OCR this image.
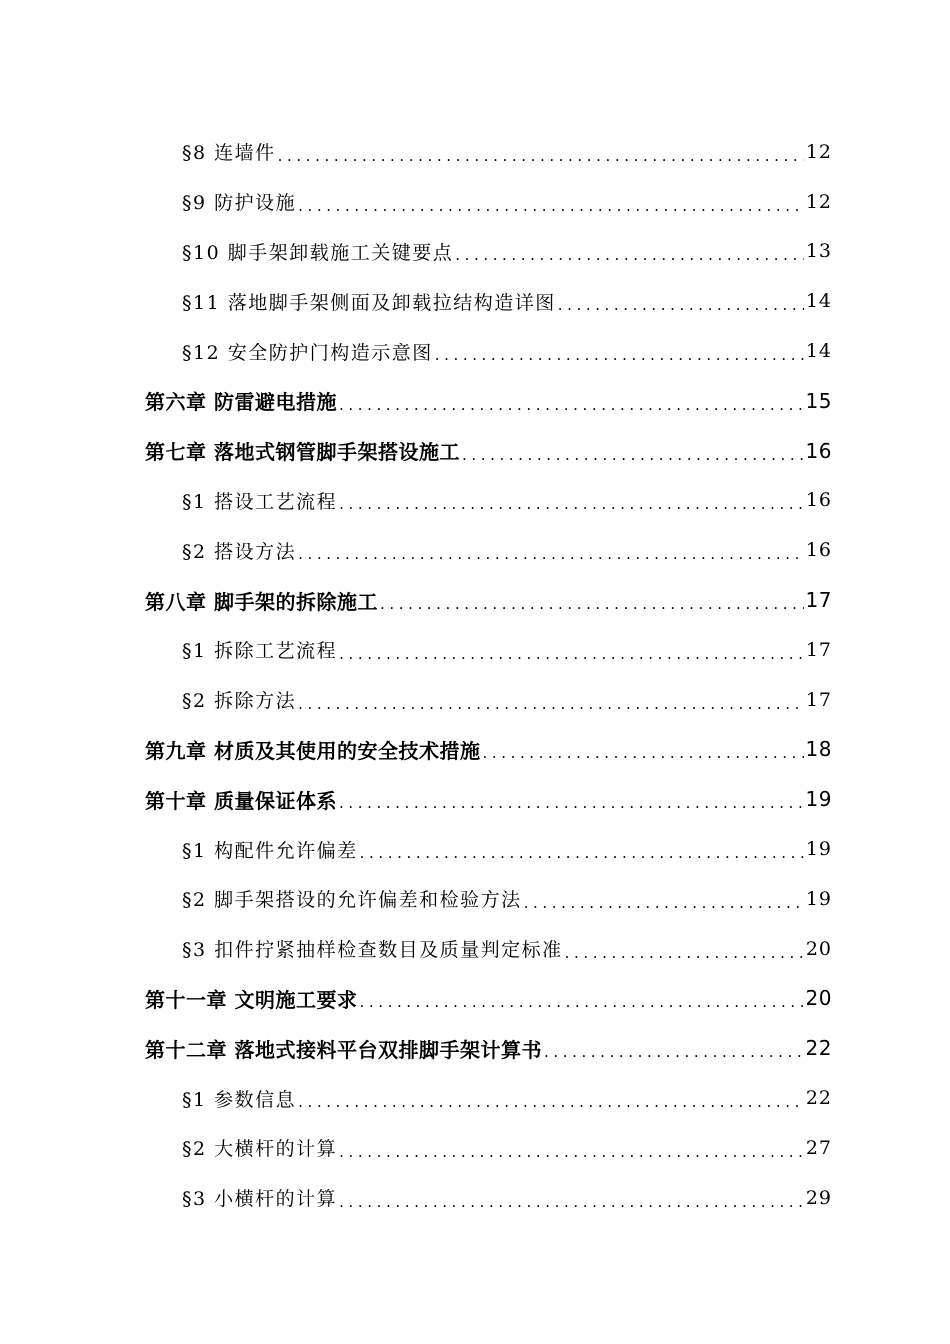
§8 连墙件 .....	12
§9 防护设施 .....	12
§10 脚手架卸载施工关键要点 .....	13
§11 落地脚手架侧面及卸载拉结构造详图 .....	14
§12 安全防护门构造示意图 .....	14
第六章 防雷避电措施 .....	15
第七章 落地式钢管脚手架搭设施工 .....	16
§1 搭设工艺流程 .....	16
§2 搭设方法 .....	16
第八章 脚手架的拆除施工 .....	17
§1 拆除工艺流程 .....	17
§2 拆除方法 .....	17
第九章 材质及其使用的安全技术措施 .....	18
第十章 质量保证体系 .....	19
§1 构配件允许偏差 .....	19
§2 脚手架搭设的允许偏差和检验方法 .....	19
§3 扣件拧紧抽样检查数目及质量判定标准 .....	20
第十一章 文明施工要求 .....	20
第十二章 落地式接料平台双排脚手架计算书 .....	22
§1 参数信息 .....	22
§2 大横杆的计算 .....	27
§3 小横杆的计算 .....	29
